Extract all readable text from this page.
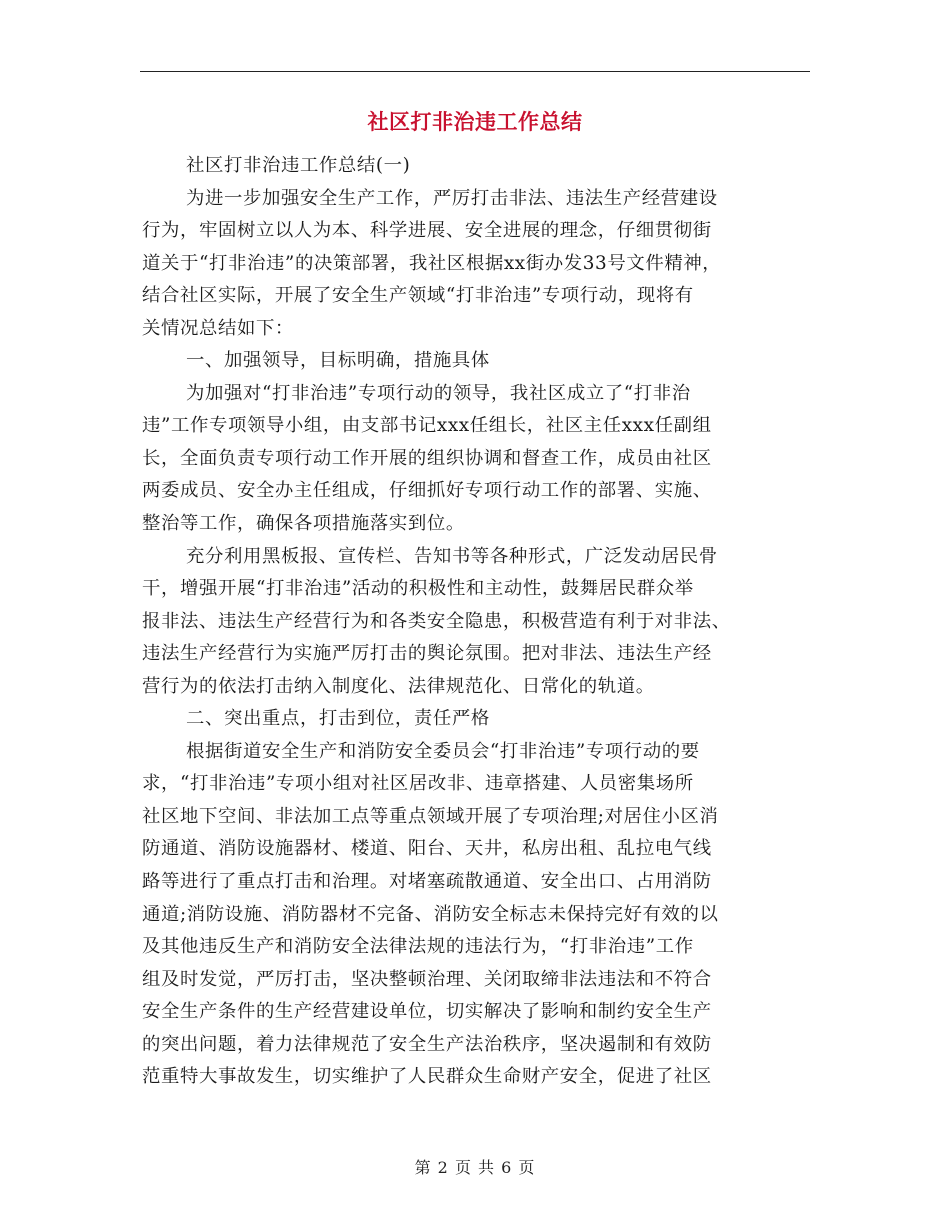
社区打非治违工作总结
社区打非治违工作总结(一)
为进一步加强安全生产工作，严厉打击非法、违法生产经营建设
行为，牢固树立以人为本、科学进展、安全进展的理念，仔细贯彻街
道关于“打非治违”的决策部署，我社区根据xx街办发33号文件精神，
结合社区实际，开展了安全生产领域“打非治违”专项行动，现将有
关情况总结如下：
一、加强领导，目标明确，措施具体
为加强对“打非治违”专项行动的领导，我社区成立了“打非治
违”工作专项领导小组，由支部书记xxx任组长，社区主任xxx任副组
长，全面负责专项行动工作开展的组织协调和督查工作，成员由社区
两委成员、安全办主任组成，仔细抓好专项行动工作的部署、实施、
整治等工作，确保各项措施落实到位。
充分利用黑板报、宣传栏、告知书等各种形式，广泛发动居民骨
干，增强开展“打非治违”活动的积极性和主动性，鼓舞居民群众举
报非法、违法生产经营行为和各类安全隐患，积极营造有利于对非法、
违法生产经营行为实施严厉打击的舆论氛围。把对非法、违法生产经
营行为的依法打击纳入制度化、法律规范化、日常化的轨道。
二、突出重点，打击到位，责任严格
根据街道安全生产和消防安全委员会“打非治违”专项行动的要
求，“打非治违”专项小组对社区居改非、违章搭建、人员密集场所
社区地下空间、非法加工点等重点领域开展了专项治理;对居住小区消
防通道、消防设施器材、楼道、阳台、天井，私房出租、乱拉电气线
路等进行了重点打击和治理。对堵塞疏散通道、安全出口、占用消防
通道;消防设施、消防器材不完备、消防安全标志未保持完好有效的以
及其他违反生产和消防安全法律法规的违法行为，“打非治违”工作
组及时发觉，严厉打击，坚决整顿治理、关闭取缔非法违法和不符合
安全生产条件的生产经营建设单位，切实解决了影响和制约安全生产
的突出问题，着力法律规范了安全生产法治秩序，坚决遏制和有效防
范重特大事故发生，切实维护了人民群众生命财产安全，促进了社区
第 2 页 共 6 页
